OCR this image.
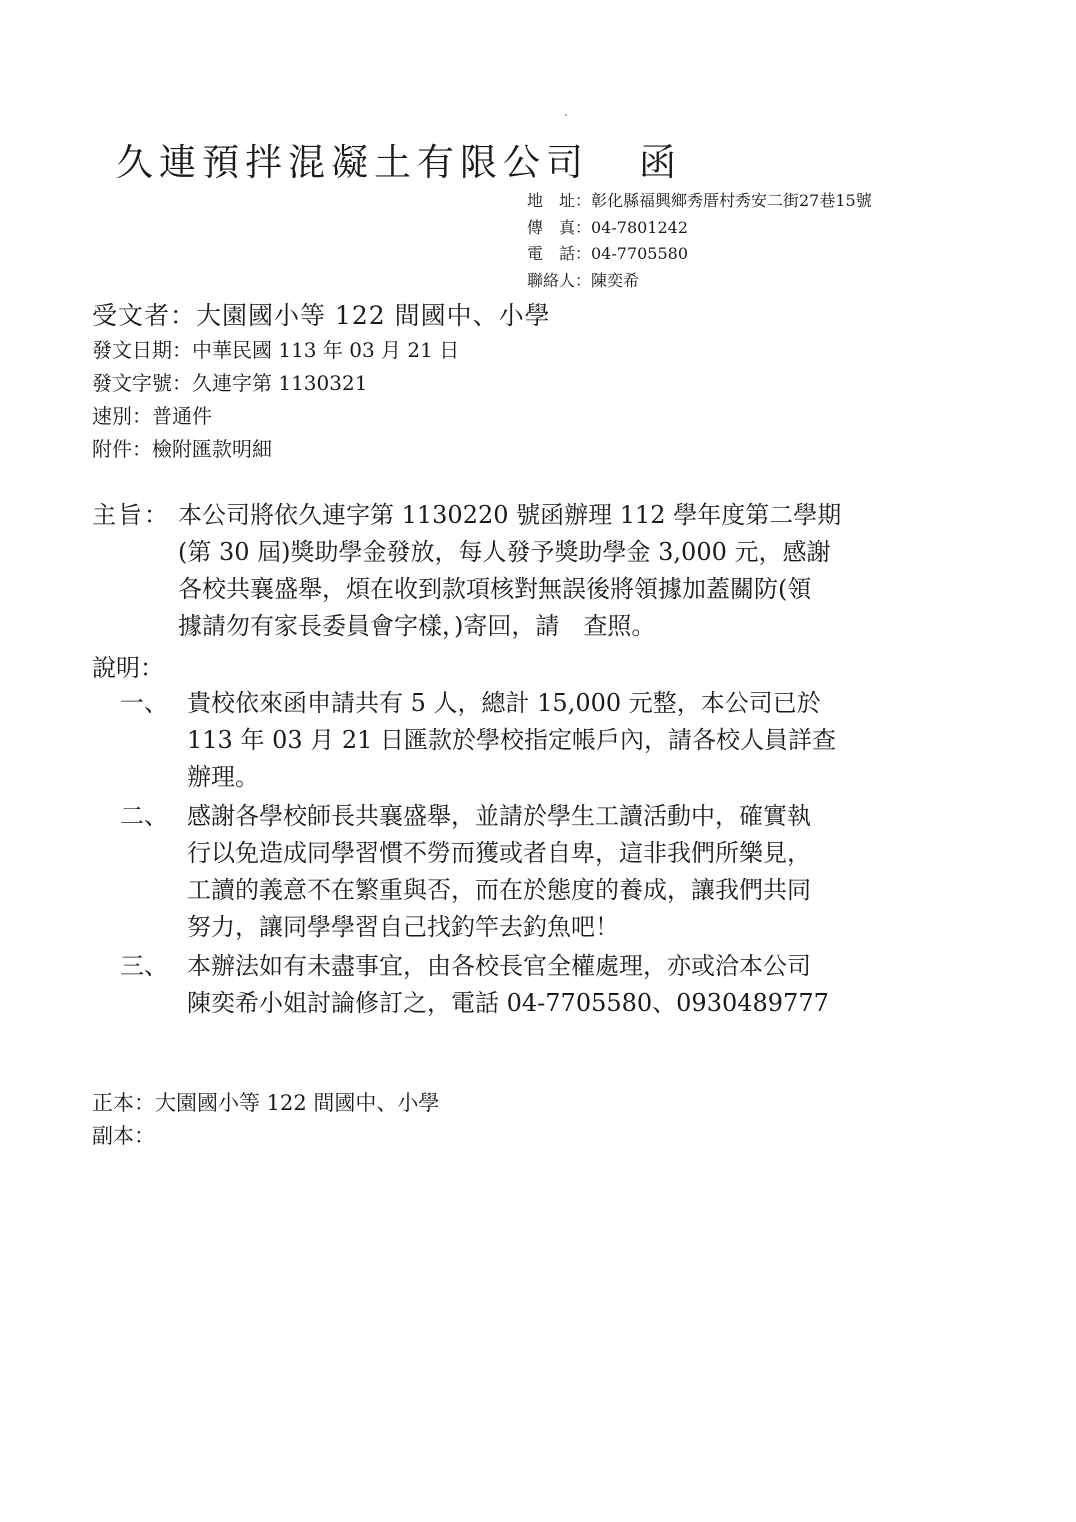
久連預拌混凝土有限公司 函
地　址：彰化縣福興鄉秀厝村秀安二街27巷15號
傳　真：04-7801242
電　話：04-7705580
聯絡人：陳奕希
受文者：大園國小等 122 間國中、小學
發文日期：中華民國 113 年 03 月 21 日
發文字號：久連字第 1130321
速別：普通件
附件：檢附匯款明細
主旨： 本公司將依久連字第 1130220 號函辦理 112 學年度第二學期
(第 30 屆)獎助學金發放，每人發予獎助學金 3,000 元，感謝
各校共襄盛舉，煩在收到款項核對無誤後將領據加蓋關防(領
據請勿有家長委員會字樣，)寄回，請　查照。
說明：
一、 貴校依來函申請共有 5 人，總計 15,000 元整，本公司已於
113 年 03 月 21 日匯款於學校指定帳戶內，請各校人員詳查
辦理。
二、 感謝各學校師長共襄盛舉，並請於學生工讀活動中，確實執
行以免造成同學習慣不勞而獲或者自卑，這非我們所樂見，
工讀的義意不在繁重與否，而在於態度的養成，讓我們共同
努力，讓同學學習自己找釣竿去釣魚吧！
三、 本辦法如有未盡事宜，由各校長官全權處理，亦或洽本公司
陳奕希小姐討論修訂之，電話 04-7705580、0930489777
正本：大園國小等 122 間國中、小學
副本：
